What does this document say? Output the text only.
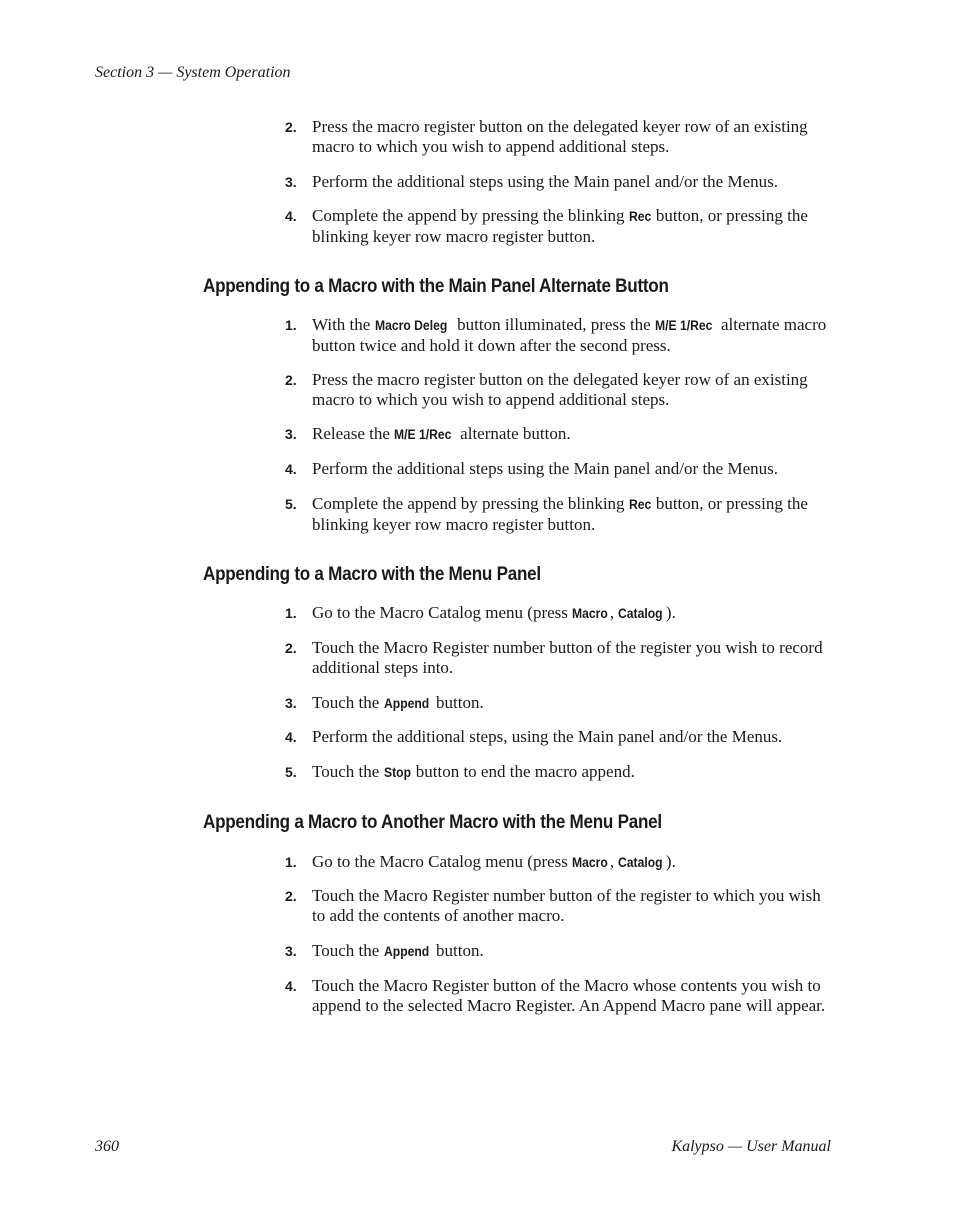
Section 3 — System Operation
2. Press the macro register button on the delegated keyer row of an existing macro to which you wish to append additional steps.
3. Perform the additional steps using the Main panel and/or the Menus.
4. Complete the append by pressing the blinking Rec button, or pressing the blinking keyer row macro register button.
Appending to a Macro with the Main Panel Alternate Button
1. With the Macro Deleg button illuminated, press the M/E 1/Rec alternate macro button twice and hold it down after the second press.
2. Press the macro register button on the delegated keyer row of an existing macro to which you wish to append additional steps.
3. Release the M/E 1/Rec alternate button.
4. Perform the additional steps using the Main panel and/or the Menus.
5. Complete the append by pressing the blinking Rec button, or pressing the blinking keyer row macro register button.
Appending to a Macro with the Menu Panel
1. Go to the Macro Catalog menu (press Macro , Catalog ).
2. Touch the Macro Register number button of the register you wish to record additional steps into.
3. Touch the Append button.
4. Perform the additional steps, using the Main panel and/or the Menus.
5. Touch the Stop button to end the macro append.
Appending a Macro to Another Macro with the Menu Panel
1. Go to the Macro Catalog menu (press Macro , Catalog ).
2. Touch the Macro Register number button of the register to which you wish to add the contents of another macro.
3. Touch the Append button.
4. Touch the Macro Register button of the Macro whose contents you wish to append to the selected Macro Register. An Append Macro pane will appear.
360	Kalypso — User Manual
